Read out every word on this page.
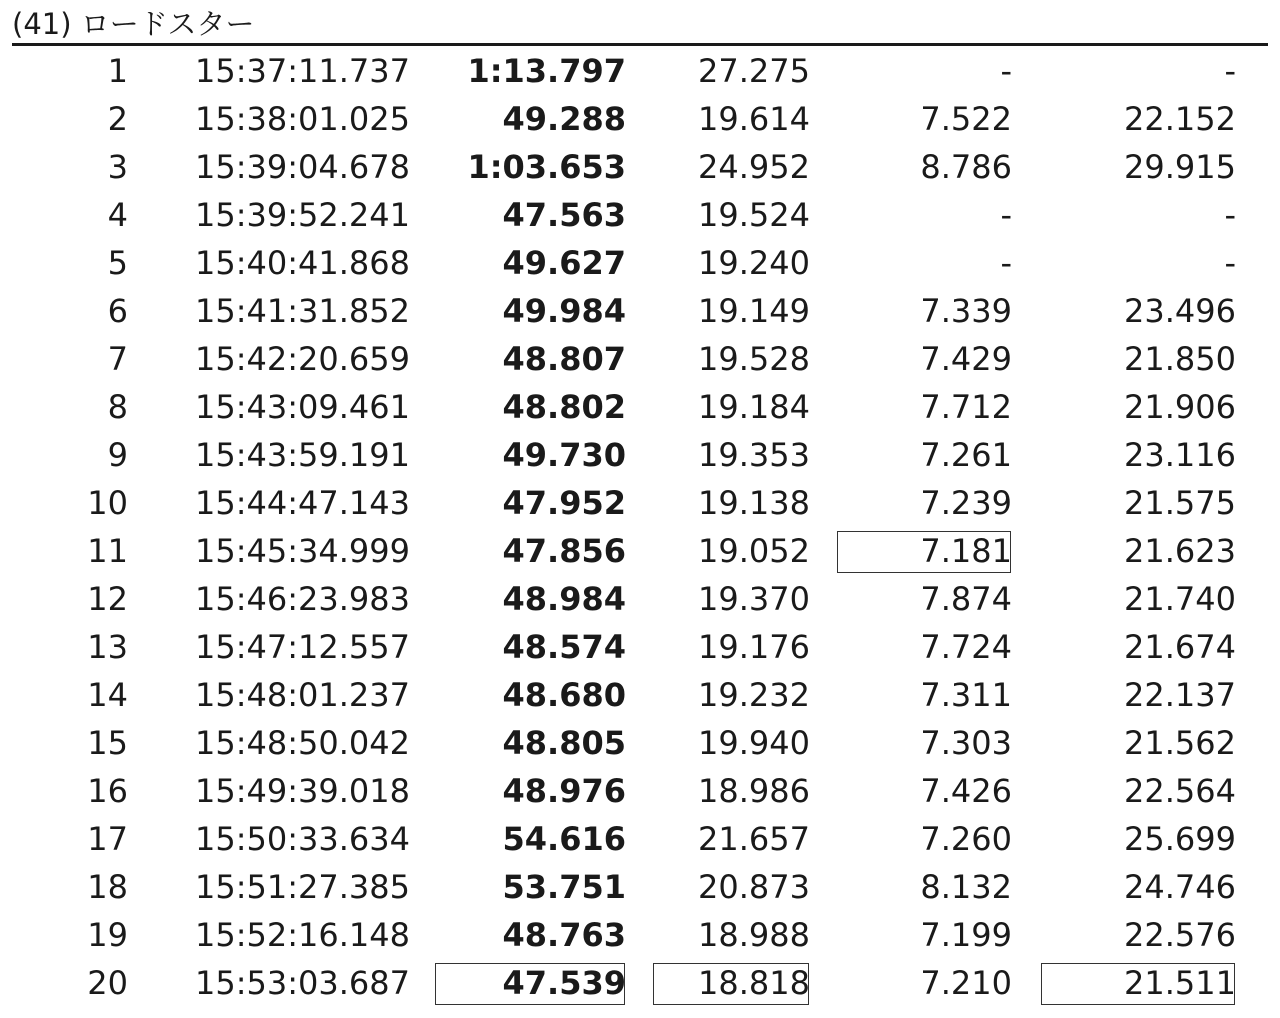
(41) ロードスター
1	15:37:11.737	1:13.797	27.275	-	-
2	15:38:01.025	49.288	19.614	7.522	22.152
3	15:39:04.678	1:03.653	24.952	8.786	29.915
4	15:39:52.241	47.563	19.524	-	-
5	15:40:41.868	49.627	19.240	-	-
6	15:41:31.852	49.984	19.149	7.339	23.496
7	15:42:20.659	48.807	19.528	7.429	21.850
8	15:43:09.461	48.802	19.184	7.712	21.906
9	15:43:59.191	49.730	19.353	7.261	23.116
10	15:44:47.143	47.952	19.138	7.239	21.575
11	15:45:34.999	47.856	19.052	7.181	21.623
12	15:46:23.983	48.984	19.370	7.874	21.740
13	15:47:12.557	48.574	19.176	7.724	21.674
14	15:48:01.237	48.680	19.232	7.311	22.137
15	15:48:50.042	48.805	19.940	7.303	21.562
16	15:49:39.018	48.976	18.986	7.426	22.564
17	15:50:33.634	54.616	21.657	7.260	25.699
18	15:51:27.385	53.751	20.873	8.132	24.746
19	15:52:16.148	48.763	18.988	7.199	22.576
20	15:53:03.687	47.539	18.818	7.210	21.511
